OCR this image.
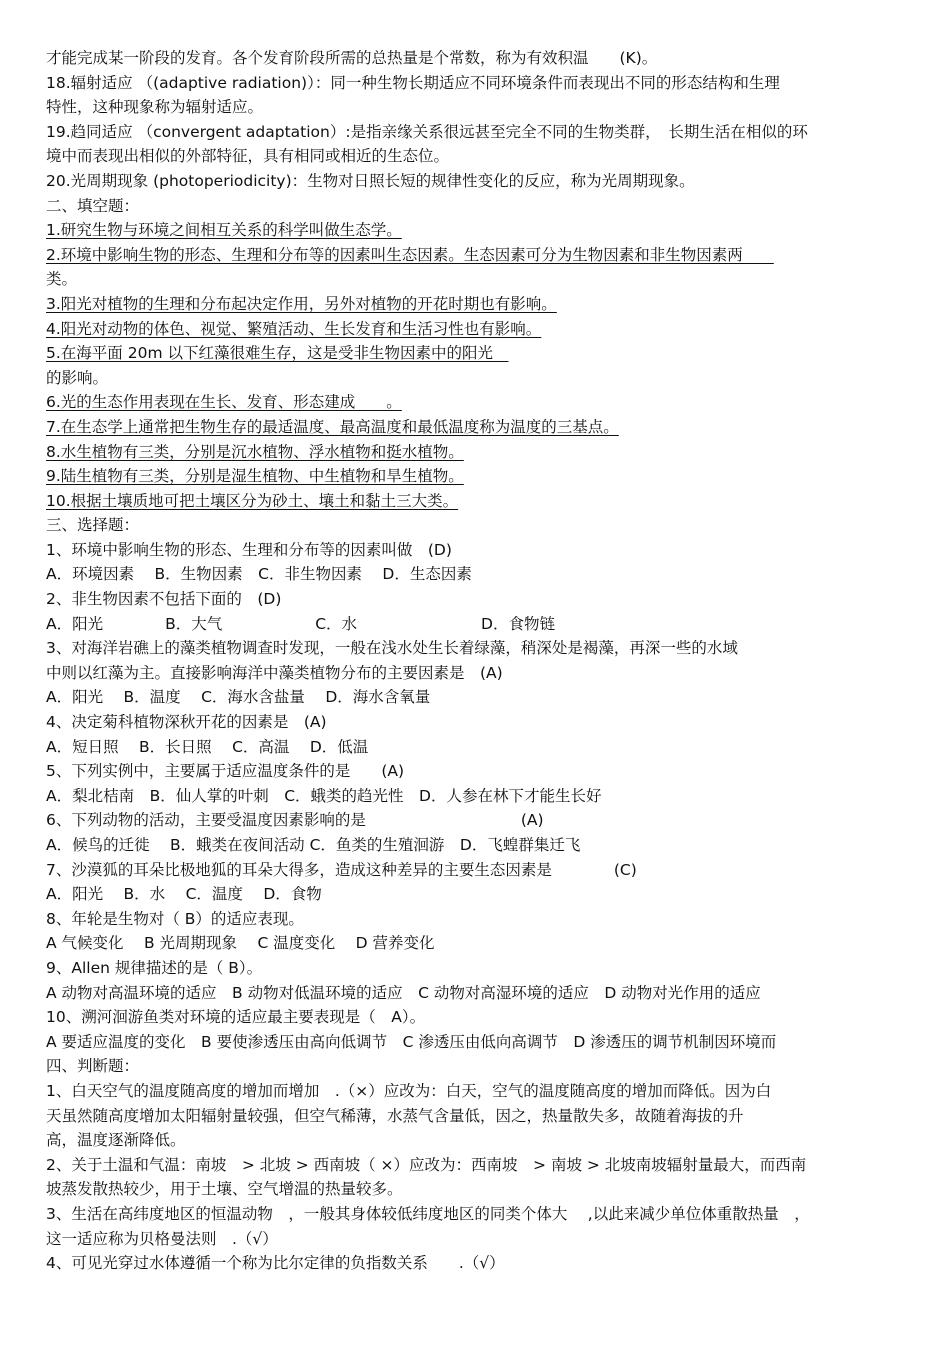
才能完成某一阶段的发育。各个发育阶段所需的总热量是个常数，称为有效积温　　(K)。
18.辐射适应 （(adaptive radiation)）：同一种生物长期适应不同环境条件而表现出不同的形态结构和生理
特性，这种现象称为辐射适应。
19.趋同适应 （convergent adaptation）:是指亲缘关系很远甚至完全不同的生物类群，　长期生活在相似的环
境中而表现出相似的外部特征，具有相同或相近的生态位。
20.光周期现象 (photoperiodicity)：生物对日照长短的规律性变化的反应，称为光周期现象。
二、填空题：
1.研究生物与环境之间相互关系的科学叫做生态学。
2.环境中影响生物的形态、生理和分布等的因素叫生态因素。生态因素可分为生物因素和非生物因素两　　
类。
3.阳光对植物的生理和分布起决定作用，另外对植物的开花时期也有影响。
4.阳光对动物的体色、视觉、繁殖活动、生长发育和生活习性也有影响。
5.在海平面 20m 以下红藻很难生存，这是受非生物因素中的阳光　
的影响。
6.光的生态作用表现在生长、发育、形态建成　　。
7.在生态学上通常把生物生存的最适温度、最高温度和最低温度称为温度的三基点。
8.水生植物有三类，分别是沉水植物、浮水植物和挺水植物。
9.陆生植物有三类，分别是湿生植物、中生植物和旱生植物。
10.根据土壤质地可把土壤区分为砂土、壤土和黏土三大类。
三、选择题：
1、环境中影响生物的形态、生理和分布等的因素叫做　(D)
A．环境因素　 B．生物因素　C．非生物因素　 D．生态因素
2、非生物因素不包括下面的　(D)
A．阳光　　　　B．大气　　　　　　C．水　　　　　　　　D．食物链
3、对海洋岩礁上的藻类植物调查时发现，一般在浅水处生长着绿藻，稍深处是褐藻，再深一些的水域
中则以红藻为主。直接影响海洋中藻类植物分布的主要因素是　(A)
A．阳光　 B．温度　 C．海水含盐量　 D．海水含氧量
4、决定菊科植物深秋开花的因素是　(A)
A．短日照　 B．长日照　 C．高温　 D．低温
5、下列实例中，主要属于适应温度条件的是　　(A)
A．梨北桔南　B．仙人掌的叶刺　C．蛾类的趋光性　D．人参在林下才能生长好
6、下列动物的活动，主要受温度因素影响的是　　　　　　　　　　(A)
A．候鸟的迁徙　 B．蛾类在夜间活动 C．鱼类的生殖洄游　D．飞蝗群集迁飞
7、沙漠狐的耳朵比极地狐的耳朵大得多，造成这种差异的主要生态因素是　　　　(C)
A．阳光　 B．水　 C．温度　 D．食物
8、年轮是生物对（ B）的适应表现。
A 气候变化　 B 光周期现象　 C 温度变化　 D 营养变化
9、Allen 规律描述的是（ B）。
A 动物对高温环境的适应　B 动物对低温环境的适应　C 动物对高湿环境的适应　D 动物对光作用的适应
10、溯河洄游鱼类对环境的适应最主要表现是（　A）。
A 要适应温度的变化　B 要使渗透压由高向低调节　C 渗透压由低向高调节　D 渗透压的调节机制因环境而
四、判断题：
1、白天空气的温度随高度的增加而增加　.（×）应改为：白天，空气的温度随高度的增加而降低。因为白
天虽然随高度增加太阳辐射量较强，但空气稀薄，水蒸气含量低，因之，热量散失多，故随着海拔的升
高，温度逐渐降低。
2、关于土温和气温：南坡　> 北坡 > 西南坡（ ×）应改为：西南坡　> 南坡 > 北坡南坡辐射量最大，而西南
坡蒸发散热较少，用于土壤、空气增温的热量较多。
3、生活在高纬度地区的恒温动物　，一般其身体较低纬度地区的同类个体大　 ,以此来减少单位体重散热量　，
这一适应称为贝格曼法则　.（√）
4、可见光穿过水体遵循一个称为比尔定律的负指数关系　　.（√）
